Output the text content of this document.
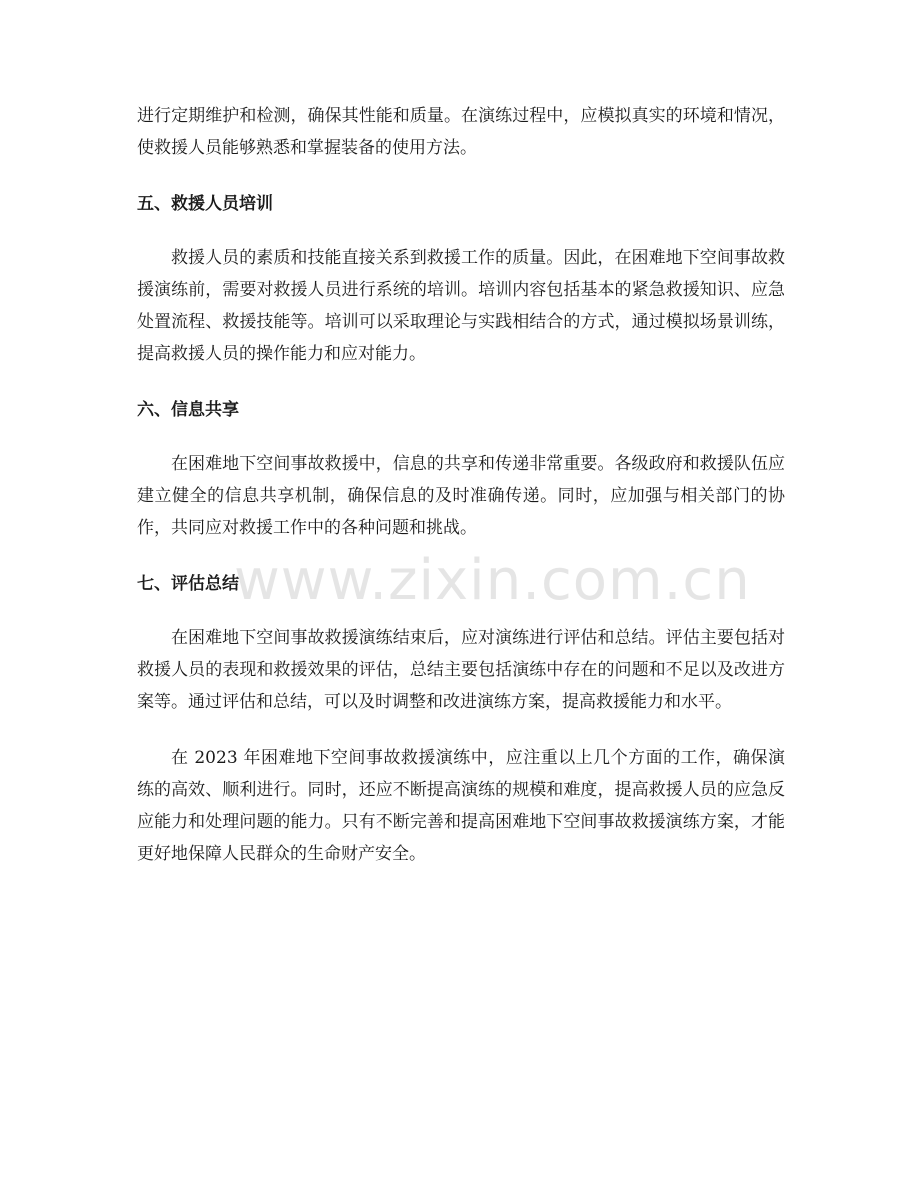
进行定期维护和检测，确保其性能和质量。在演练过程中，应模拟真实的环境和情况，使救援人员能够熟悉和掌握装备的使用方法。

五、救援人员培训

救援人员的素质和技能直接关系到救援工作的质量。因此，在困难地下空间事故救援演练前，需要对救援人员进行系统的培训。培训内容包括基本的紧急救援知识、应急处置流程、救援技能等。培训可以采取理论与实践相结合的方式，通过模拟场景训练，提高救援人员的操作能力和应对能力。

六、信息共享

在困难地下空间事故救援中，信息的共享和传递非常重要。各级政府和救援队伍应建立健全的信息共享机制，确保信息的及时准确传递。同时，应加强与相关部门的协作，共同应对救援工作中的各种问题和挑战。

七、评估总结

在困难地下空间事故救援演练结束后，应对演练进行评估和总结。评估主要包括对救援人员的表现和救援效果的评估，总结主要包括演练中存在的问题和不足以及改进方案等。通过评估和总结，可以及时调整和改进演练方案，提高救援能力和水平。

在 2023 年困难地下空间事故救援演练中，应注重以上几个方面的工作，确保演练的高效、顺利进行。同时，还应不断提高演练的规模和难度，提高救援人员的应急反应能力和处理问题的能力。只有不断完善和提高困难地下空间事故救援演练方案，才能更好地保障人民群众的生命财产安全。

www.zixin.com.cn
